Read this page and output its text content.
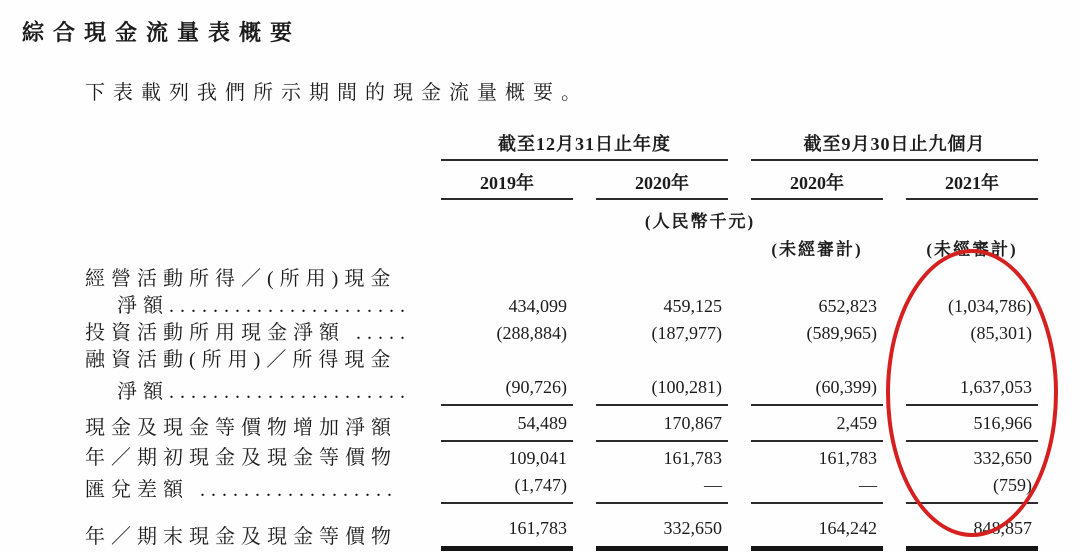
綜合現金流量表概要

下表載列我們所示期間的現金流量概要。

	截至12月31日止年度		截至9月30日止九個月	

	2019年	2020年	2020年	2021年

	(人民幣千元)			

			(未經審計)	(未經審計)

經營活動所得／(所用)現金	

淨額......................	434,099	459,125	652,823	(1,034,786)

投資活動所用現金淨額 .....	(288,884)	(187,977)	(589,965)	(85,301)

融資活動(所用)／所得現金	

淨額......................	(90,726)	(100,281)	(60,399)	1,637,053

現金及現金等價物增加淨額	54,489	170,867	2,459	516,966

年／期初現金及現金等價物	109,041	161,783	161,783	332,650

匯兌差額 ..................	(1,747)	—	—	(759)

年／期末現金及現金等價物	161,783	332,650	164,242	848,857
